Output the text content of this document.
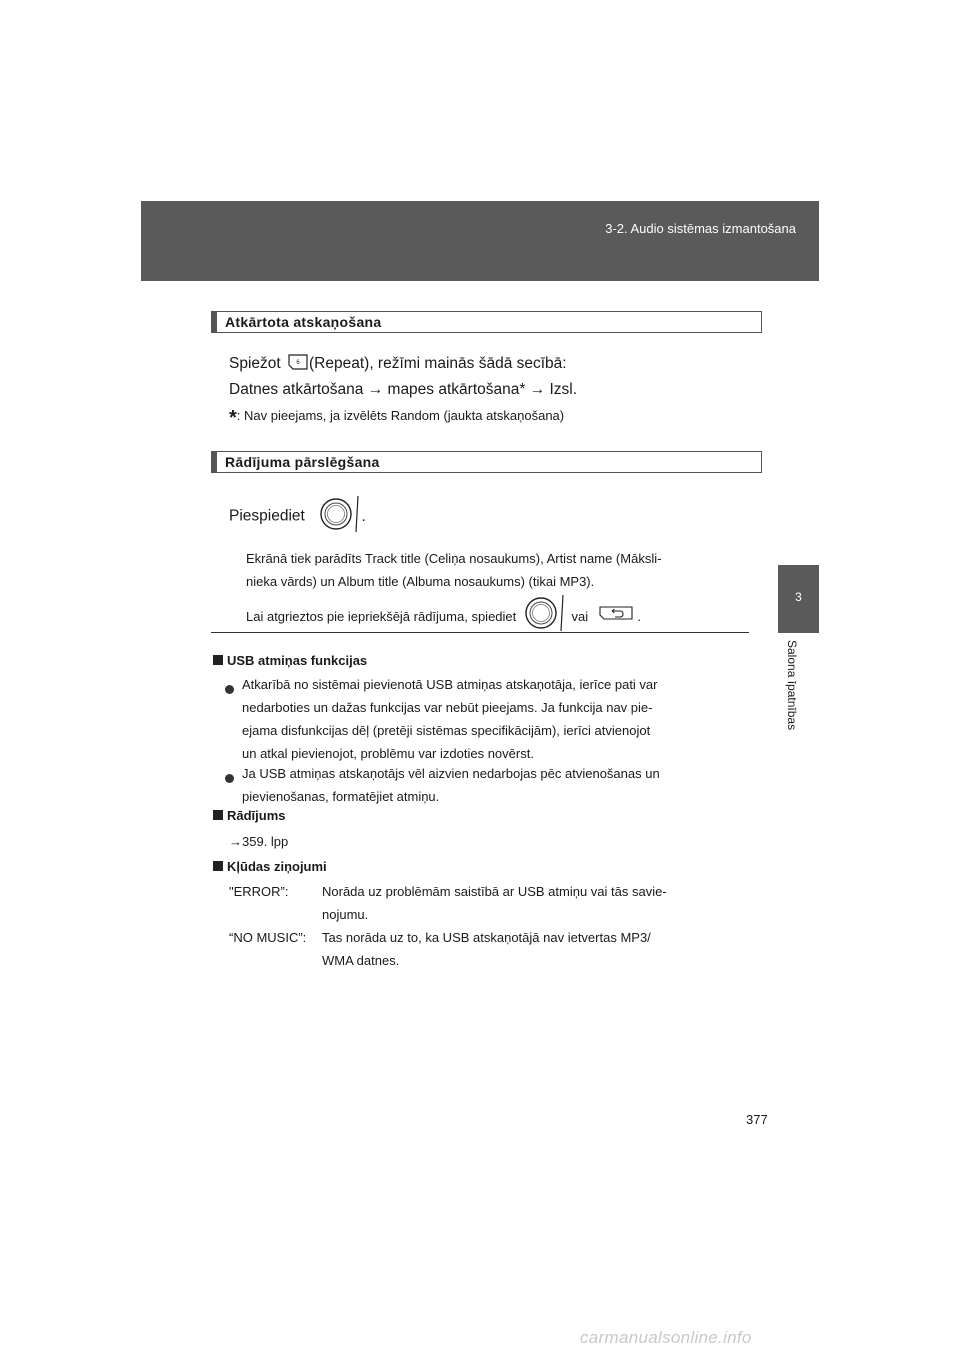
3-2. Audio sistēmas izmantošana
3
Salona īpatnības
Atkārtota atskaņošana
Spiežot	6 (Repeat), režīmi mainās šādā secībā:
Datnes atkārtošana → mapes atkārtošana* → Izsl.
*: Nav pieejams, ja izvēlēts Random (jaukta atskaņošana)
Rādījuma pārslēgšana
Piespiediet	.
Ekrānā tiek parādīts Track title (Celiņa nosaukums), Artist name (Māksli-
nieka vārds) un Album title (Albuma nosaukums) (tikai MP3).
Lai atgrieztos pie iepriekšējā rādījuma, spiediet	vai	.
USB atmiņas funkcijas
Atkarībā no sistēmai pievienotā USB atmiņas atskaņotāja, ierīce pati var
nedarboties un dažas funkcijas var nebūt pieejams. Ja funkcija nav pie-
ejama disfunkcijas dēļ (pretēji sistēmas specifikācijām), ierīci atvienojot
un atkal pievienojot, problēmu var izdoties novērst.
Ja USB atmiņas atskaņotājs vēl aizvien nedarbojas pēc atvienošanas un
pievienošanas, formatējiet atmiņu.
Rādījums
→359. lpp
Kļūdas ziņojumi
"ERROR”:	Norāda uz problēmām saistībā ar USB atmiņu vai tās savie-
nojumu.
“NO MUSIC”: Tas norāda uz to, ka USB atskaņotājā nav ietvertas MP3/
WMA datnes.
377
carmanualsonline.info
